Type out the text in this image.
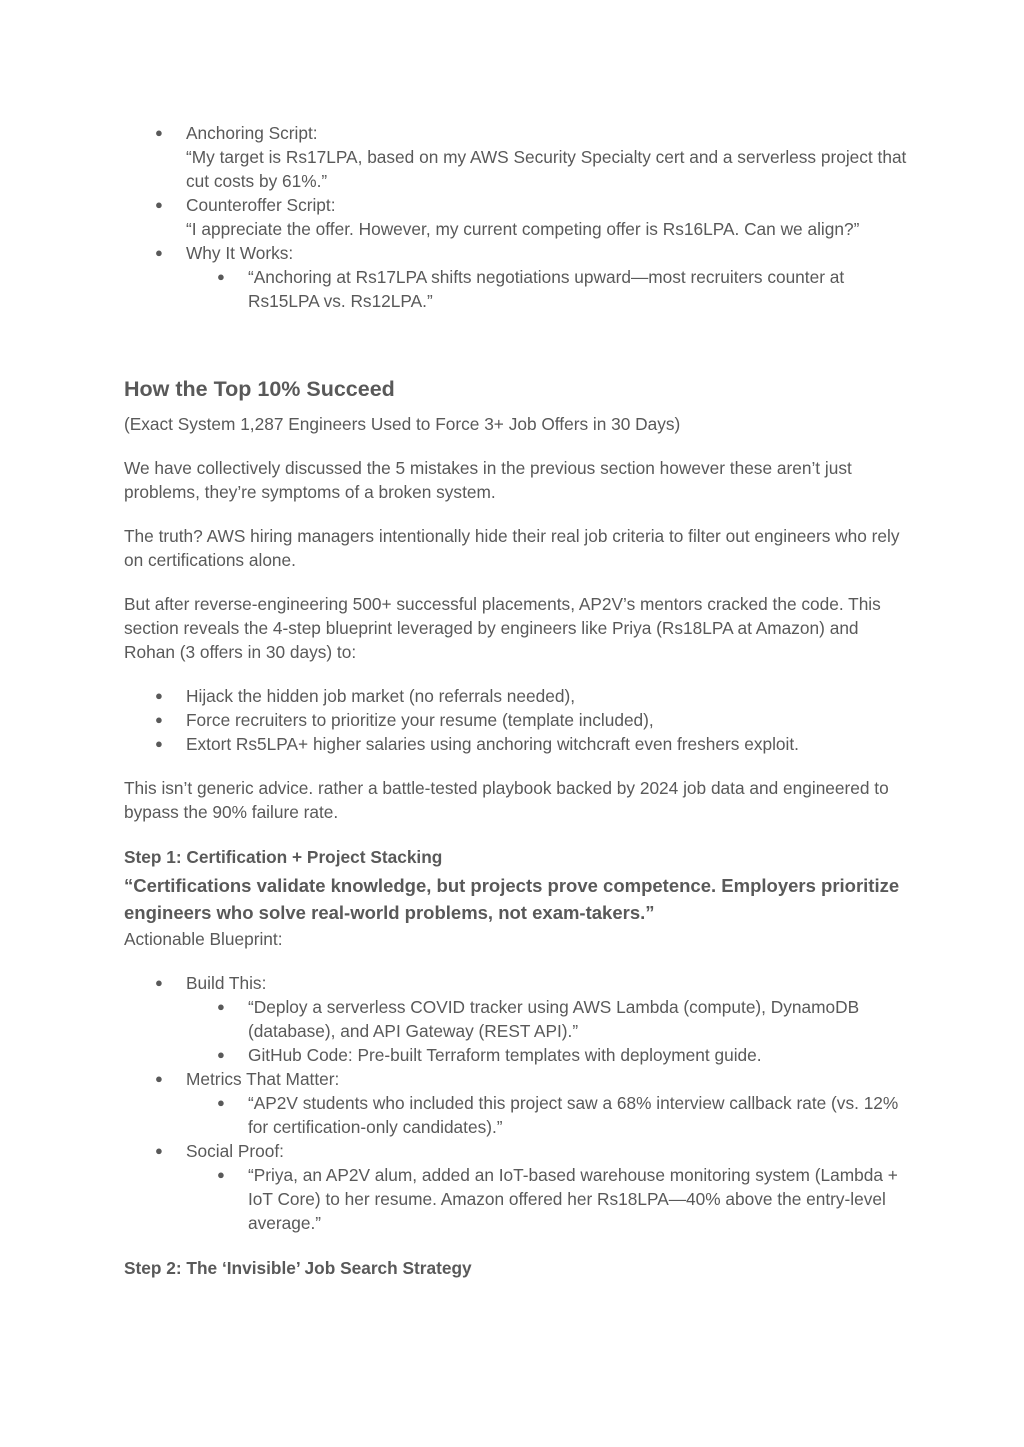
● Anchoring Script:
“My target is Rs17LPA, based on my AWS Security Specialty cert and a serverless project that cut costs by 61%.”
● Counteroffer Script:
“I appreciate the offer. However, my current competing offer is Rs16LPA. Can we align?”
● Why It Works:
● “Anchoring at Rs17LPA shifts negotiations upward—most recruiters counter at Rs15LPA vs. Rs12LPA.”
How the Top 10% Succeed

(Exact System 1,287 Engineers Used to Force 3+ Job Offers in 30 Days)

We have collectively discussed the 5 mistakes in the previous section however these aren’t just problems, they’re symptoms of a broken system.

The truth? AWS hiring managers intentionally hide their real job criteria to filter out engineers who rely on certifications alone.

But after reverse-engineering 500+ successful placements, AP2V’s mentors cracked the code. This section reveals the 4-step blueprint leveraged by engineers like Priya (Rs18LPA at Amazon) and Rohan (3 offers in 30 days) to:

● Hijack the hidden job market (no referrals needed),
● Force recruiters to prioritize your resume (template included),
● Extort Rs5LPA+ higher salaries using anchoring witchcraft even freshers exploit.

This isn’t generic advice. rather a battle-tested playbook backed by 2024 job data and engineered to bypass the 90% failure rate.

Step 1: Certification + Project Stacking

“Certifications validate knowledge, but projects prove competence. Employers prioritize engineers who solve real-world problems, not exam-takers.”

Actionable Blueprint:

● Build This:
● “Deploy a serverless COVID tracker using AWS Lambda (compute), DynamoDB (database), and API Gateway (REST API).”
● GitHub Code: Pre-built Terraform templates with deployment guide.
● Metrics That Matter:
● “AP2V students who included this project saw a 68% interview callback rate (vs. 12% for certification-only candidates).”
● Social Proof:
● “Priya, an AP2V alum, added an IoT-based warehouse monitoring system (Lambda + IoT Core) to her resume. Amazon offered her Rs18LPA—40% above the entry-level average.”
Step 2: The ‘Invisible’ Job Search Strategy
